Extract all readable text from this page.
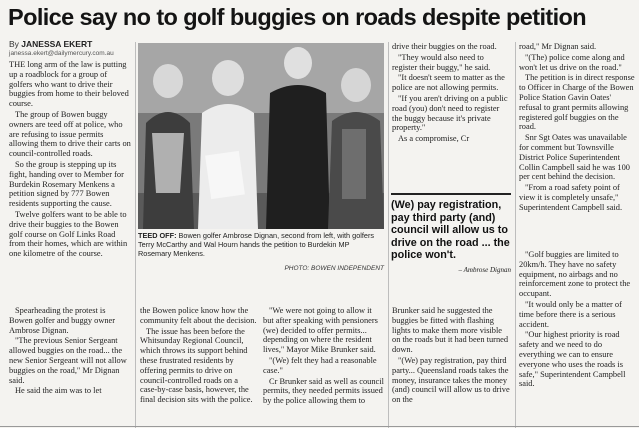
Police say no to golf buggies on roads despite petition
By JANESSA EKERT
janessa.ekert@dailymercury.com.au

THE long arm of the law is putting up a roadblock for a group of golfers who want to drive their buggies from home to their beloved course.

The group of Bowen buggy owners are teed off at police, who are refusing to issue permits allowing them to drive their carts on council-controlled roads.

So the group is stepping up its fight, handing over to Member for Burdekin Rosemary Menkens a petition signed by 777 Bowen residents supporting the cause.

Twelve golfers want to be able to drive their buggies to the Bowen golf course on Golf Links Road from their homes, which are within one kilometre of the course.

Spearheading the protest is Bowen golfer and buggy owner Ambrose Dignan.

"The previous Senior Sergeant allowed buggies on the road... the new Senior Sergeant will not allow buggies on the road," Mr Dignan said.

He said the aim was to let

TEED OFF: Bowen golfer Ambrose Dignan, second from left, with golfers Terry McCarthy and Wal Hourn hands the petition to Burdekin MP Rosemary Menkens.
PHOTO: BOWEN INDEPENDENT

the Bowen police know how the community felt about the decision.

The issue has been before the Whitsunday Regional Council, which throws its support behind these frustrated residents by offering permits to drive on council-controlled roads on a case-by-case basis, however, the final decision sits with the police.

"We were not going to allow it but after speaking with pensioners (we) decided to offer permits... depending on where the resident lives," Mayor Mike Brunker said.

"(We) felt they had a reasonable case."

Cr Brunker said as well as council permits, they needed permits issued by the police allowing them to

drive their buggies on the road.

"They would also need to register their buggy," he said.

"It doesn't seem to matter as the police are not allowing permits.

"If you aren't driving on a public road (you) don't need to register the buggy because it's private property."

As a compromise, Cr

(We) pay registration, pay third party (and) council will allow us to drive on the road ... the police won't.
– Ambrose Dignan

Brunker said he suggested the buggies be fitted with flashing lights to make them more visible on the roads but it had been turned down.

"(We) pay registration, pay third party... Queensland roads takes the money, insurance takes the money (and) council will allow us to drive on the

road," Mr Dignan said.

"(The) police come along and won't let us drive on the road."

The petition is in direct response to Officer in Charge of the Bowen Police Station Gavin Oates' refusal to grant permits allowing registered golf buggies on the road.

Snr Sgt Oates was unavailable for comment but Townsville District Police Superintendent Collin Campbell said he was 100 per cent behind the decision.

"From a road safety point of view it is completely unsafe," Superintendent Campbell said.

"Golf buggies are limited to 20km/h. They have no safety equipment, no airbags and no reinforcement zone to protect the occupant.

"It would only be a matter of time before there is a serious accident.

"Our highest priority is road safety and we need to do everything we can to ensure everyone who uses the roads is safe," Superintendent Campbell said.
